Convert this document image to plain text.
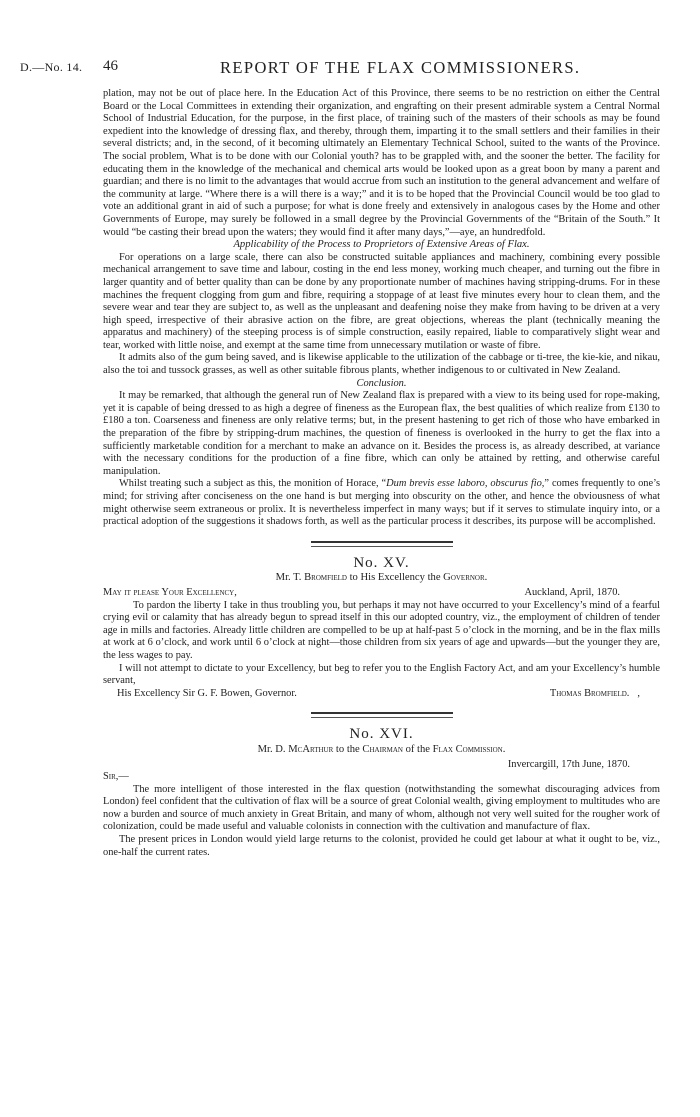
D.—No. 14. 46	REPORT OF THE FLAX COMMISSIONERS.

plation, may not be out of place here. In the Education Act of this Province, there seems to be no restriction on either the Central Board or the Local Committees in extending their organization, and engrafting on their present admirable system a Central Normal School of Industrial Education, for the purpose, in the first place, of training such of the masters of their schools as may be found expedient into the knowledge of dressing flax, and thereby, through them, imparting it to the small settlers and their families in their several districts; and, in the second, of it becoming ultimately an Elementary Technical School, suited to the wants of the Province. The social problem, What is to be done with our Colonial youth? has to be grappled with, and the sooner the better. The facility for educating them in the knowledge of the mechanical and chemical arts would be looked upon as a great boon by many a parent and guardian; and there is no limit to the advantages that would accrue from such an institution to the general advancement and welfare of the community at large. “Where there is a will there is a way;” and it is to be hoped that the Provincial Council would be too glad to vote an additional grant in aid of such a purpose; for what is done freely and extensively in analogous cases by the Home and other Governments of Europe, may surely be followed in a small degree by the Provincial Governments of the “Britain of the South.” It would “be casting their bread upon the waters; they would find it after many days,”—aye, an hundredfold.

Applicability of the Process to Proprietors of Extensive Areas of Flax.

For operations on a large scale, there can also be constructed suitable appliances and machinery, combining every possible mechanical arrangement to save time and labour, costing in the end less money, working much cheaper, and turning out the fibre in larger quantity and of better quality than can be done by any proportionate number of machines having stripping-drums. For in these machines the frequent clogging from gum and fibre, requiring a stoppage of at least five minutes every hour to clean them, and the severe wear and tear they are subject to, as well as the unpleasant and deafening noise they make from having to be driven at a very high speed, irrespective of their abrasive action on the fibre, are great objections, whereas the plant (technically meaning the apparatus and machinery) of the steeping process is of simple construction, easily repaired, liable to comparatively slight wear and tear, worked with little noise, and exempt at the same time from unnecessary mutilation or waste of fibre.

It admits also of the gum being saved, and is likewise applicable to the utilization of the cabbage or ti-tree, the kie-kie, and nikau, also the toi and tussock grasses, as well as other suitable fibrous plants, whether indigenous to or cultivated in New Zealand.

Conclusion.

It may be remarked, that although the general run of New Zealand flax is prepared with a view to its being used for rope-making, yet it is capable of being dressed to as high a degree of fineness as the European flax, the best qualities of which realize from £130 to £180 a ton. Coarseness and fineness are only relative terms; but, in the present hastening to get rich of those who have embarked in the preparation of the fibre by stripping-drum machines, the question of fineness is overlooked in the hurry to get the flax into a sufficiently marketable condition for a merchant to make an advance on it. Besides the process is, as already described, at variance with the necessary conditions for the production of a fine fibre, which can only be attained by retting, and otherwise careful manipulation.

Whilst treating such a subject as this, the monition of Horace, “Dum brevis esse laboro, obscurus fio,” comes frequently to one’s mind; for striving after conciseness on the one hand is but merging into obscurity on the other, and hence the obviousness of what might otherwise seem extraneous or prolix. It is nevertheless imperfect in many ways; but if it serves to stimulate inquiry into, or a practical adoption of the suggestions it shadows forth, as well as the particular process it describes, its purpose will be accomplished.

No. XV.
Mr. T. Bromfield to His Excellency the Governor.
May it please Your Excellency,	Auckland, April, 1870.

To pardon the liberty I take in thus troubling you, but perhaps it may not have occurred to your Excellency’s mind of a fearful crying evil or calamity that has already begun to spread itself in this our adopted country, viz., the employment of children of tender age in mills and factories. Already little children are compelled to be up at half-past 5 o’clock in the morning, and be in the flax mills at work at 6 o’clock, and work until 6 o’clock at night—those children from six years of age and upwards—but the younger they are, the less wages to pay.

I will not attempt to dictate to your Excellency, but beg to refer you to the English Factory Act, and am your Excellency’s humble servant,

His Excellency Sir G. F. Bowen, Governor.	Thomas Bromfield. ,
No. XVI.
Mr. D. McArthur to the Chairman of the Flax Commission.
Invercargill, 17th June, 1870.
Sir,—

The more intelligent of those interested in the flax question (notwithstanding the somewhat discouraging advices from London) feel confident that the cultivation of flax will be a source of great Colonial wealth, giving employment to multitudes who are now a burden and source of much anxiety in Great Britain, and many of whom, although not very well suited for the rougher work of colonization, could be made useful and valuable colonists in connection with the cultivation and manufacture of flax.

The present prices in London would yield large returns to the colonist, provided he could get labour at what it ought to be, viz., one-half the current rates.
